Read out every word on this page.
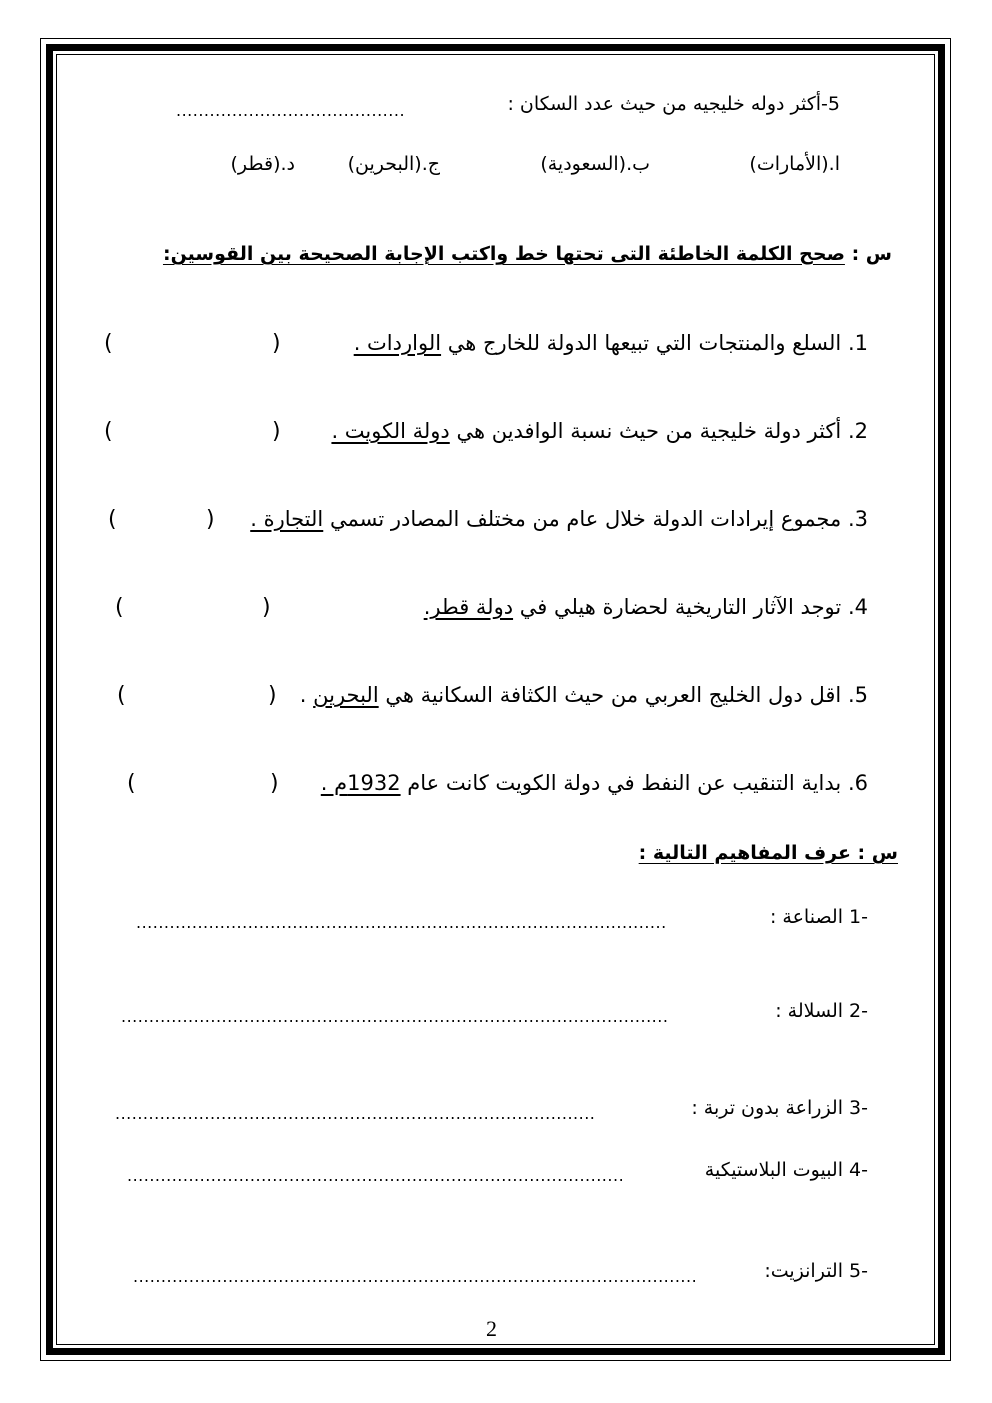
5-أكثر دوله خليجيه من حيث عدد السكان :
.........................................
ا.(الأمارات)
ب.(السعودية)
ج.(البحرين)
د.(قطر)
س : صحح الكلمة الخاطئة التى تحتها خط واكتب الإجابة الصحيحة بين القوسين:
1. السلع والمنتجات التي تبيعها الدولة للخارج هي الواردات .
)
(
2. أكثر دولة خليجية من حيث نسبة الوافدين هي دولة الكويت .
)
(
3. مجموع إيرادات الدولة خلال عام من مختلف المصادر تسمي التجارة .
)
(
4. توجد الآثار التاريخية لحضارة هيلي في دولة قطر.
)
(
5. اقل دول الخليج العربي من حيث الكثافة السكانية هي البحرين .
)
(
6. بداية التنقيب عن النفط في دولة الكويت كانت عام 1932م .
)
(
س : عرف المفاهيم التالية :
-1 الصناعة :
...............................................................................................
-2 السلالة :
..................................................................................................
-3 الزراعة بدون تربة :
......................................................................................
-4 البيوت البلاستيكية
.........................................................................................
-5 الترانزيت:
.....................................................................................................
2
